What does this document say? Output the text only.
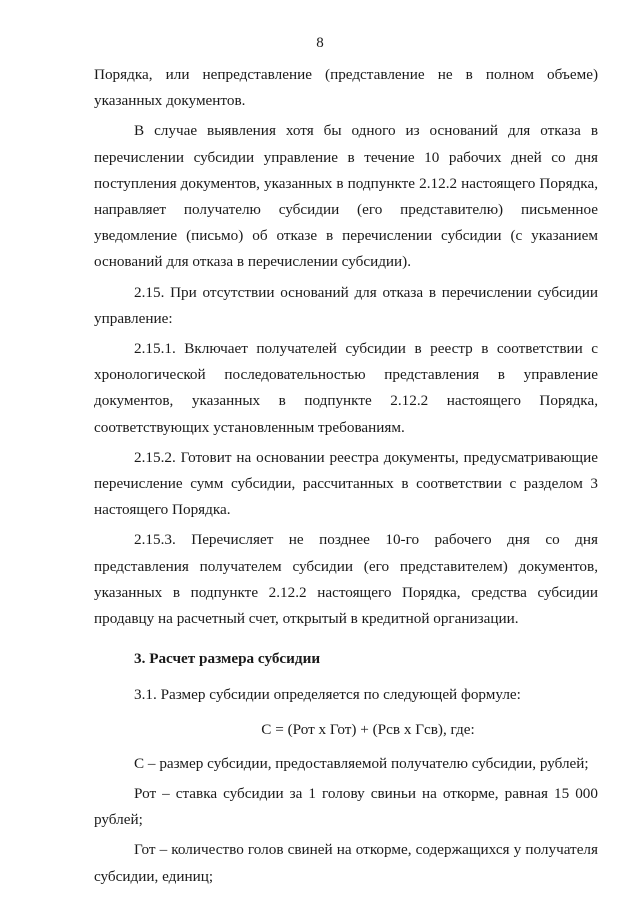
8

Порядка, или непредставление (представление не в полном объеме) указанных документов.

В случае выявления хотя бы одного из оснований для отказа в перечислении субсидии управление в течение 10 рабочих дней со дня поступления документов, указанных в подпункте 2.12.2 настоящего Порядка, направляет получателю субсидии (его представителю) письменное уведомление (письмо) об отказе в перечислении субсидии (с указанием оснований для отказа в перечислении субсидии).

2.15. При отсутствии оснований для отказа в перечислении субсидии управление:

2.15.1. Включает получателей субсидии в реестр в соответствии с хронологической последовательностью представления в управление документов, указанных в подпункте 2.12.2 настоящего Порядка, соответствующих установленным требованиям.

2.15.2. Готовит на основании реестра документы, предусматривающие перечисление сумм субсидии, рассчитанных в соответствии с разделом 3 настоящего Порядка.

2.15.3. Перечисляет не позднее 10-го рабочего дня со дня представления получателем субсидии (его представителем) документов, указанных в подпункте 2.12.2 настоящего Порядка, средства субсидии продавцу на расчетный счет, открытый в кредитной организации.

3. Расчет размера субсидии

3.1. Размер субсидии определяется по следующей формуле:

С = (Рот х Гот) + (Рсв х Гсв), где:

С – размер субсидии, предоставляемой получателю субсидии, рублей;

Рот – ставка субсидии за 1 голову свиньи на откорме, равная 15 000 рублей;

Гот – количество голов свиней на откорме, содержащихся у получателя субсидии, единиц;
